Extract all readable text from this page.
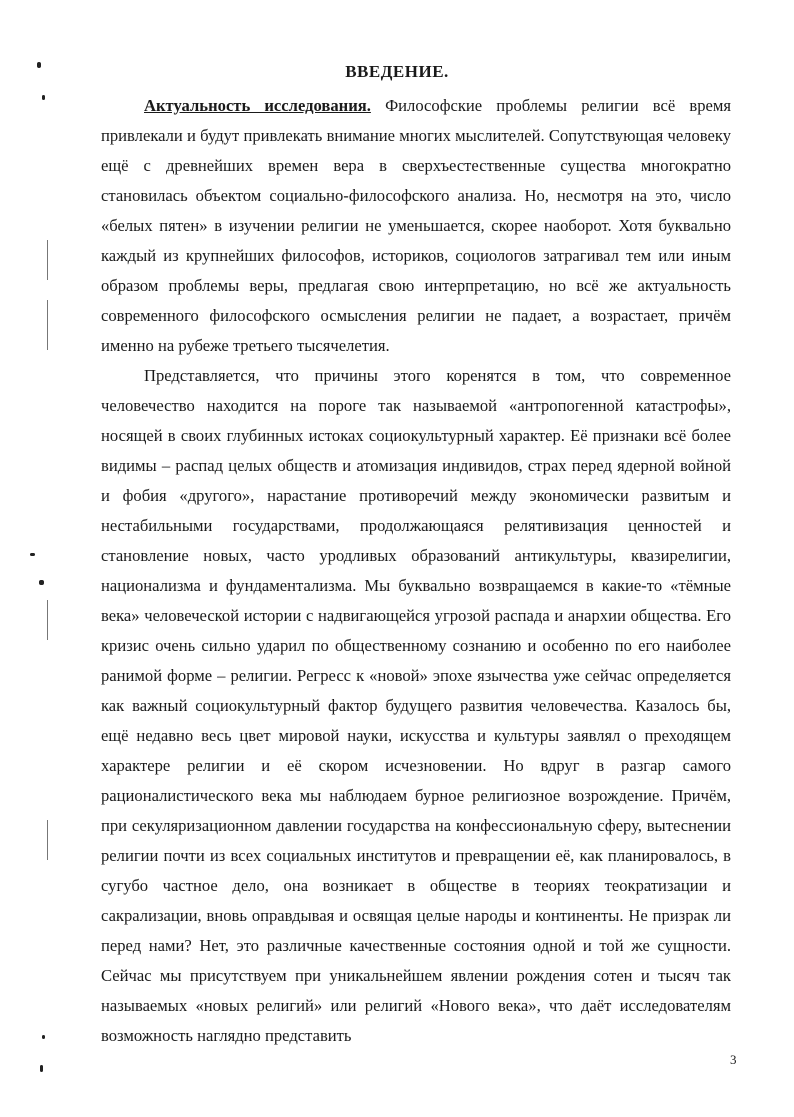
ВВЕДЕНИЕ.

Актуальность исследования. Философские проблемы религии всё время привлекали и будут привлекать внимание многих мыслителей. Сопутствующая человеку ещё с древнейших времен вера в сверхъестественные существа многократно становилась объектом социально-философского анализа. Но, несмотря на это, число «белых пятен» в изучении религии не уменьшается, скорее наоборот. Хотя буквально каждый из крупнейших философов, историков, социологов затрагивал тем или иным образом проблемы веры, предлагая свою интерпретацию, но всё же актуальность современного философского осмысления религии не падает, а возрастает, причём именно на рубеже третьего тысячелетия.

Представляется, что причины этого коренятся в том, что современное человечество находится на пороге так называемой «антропогенной катастрофы», носящей в своих глубинных истоках социокультурный характер. Её признаки всё более видимы – распад целых обществ и атомизация индивидов, страх перед ядерной войной и фобия «другого», нарастание противоречий между экономически развитым и нестабильными государствами, продолжающаяся релятивизация ценностей и становление новых, часто уродливых образований антикультуры, квазирелигии, национализма и фундаментализма. Мы буквально возвращаемся в какие-то «тёмные века» человеческой истории с надвигающейся угрозой распада и анархии общества. Его кризис очень сильно ударил по общественному сознанию и особенно по его наиболее ранимой форме – религии. Регресс к «новой» эпохе язычества уже сейчас определяется как важный социокультурный фактор будущего развития человечества. Казалось бы, ещё недавно весь цвет мировой науки, искусства и культуры заявлял о преходящем характере религии и её скором исчезновении. Но вдруг в разгар самого рационалистического века мы наблюдаем бурное религиозное возрождение. Причём, при секуляризационном давлении государства на конфессиональную сферу, вытеснении религии почти из всех социальных институтов и превращении её, как планировалось, в сугубо частное дело, она возникает в обществе в теориях теократизации и сакрализации, вновь оправдывая и освящая целые народы и континенты. Не призрак ли перед нами? Нет, это различные качественные состояния одной и той же сущности. Сейчас мы присутствуем при уникальнейшем явлении рождения сотен и тысяч так называемых «новых религий» или религий «Нового века», что даёт исследователям возможность наглядно представить

3
